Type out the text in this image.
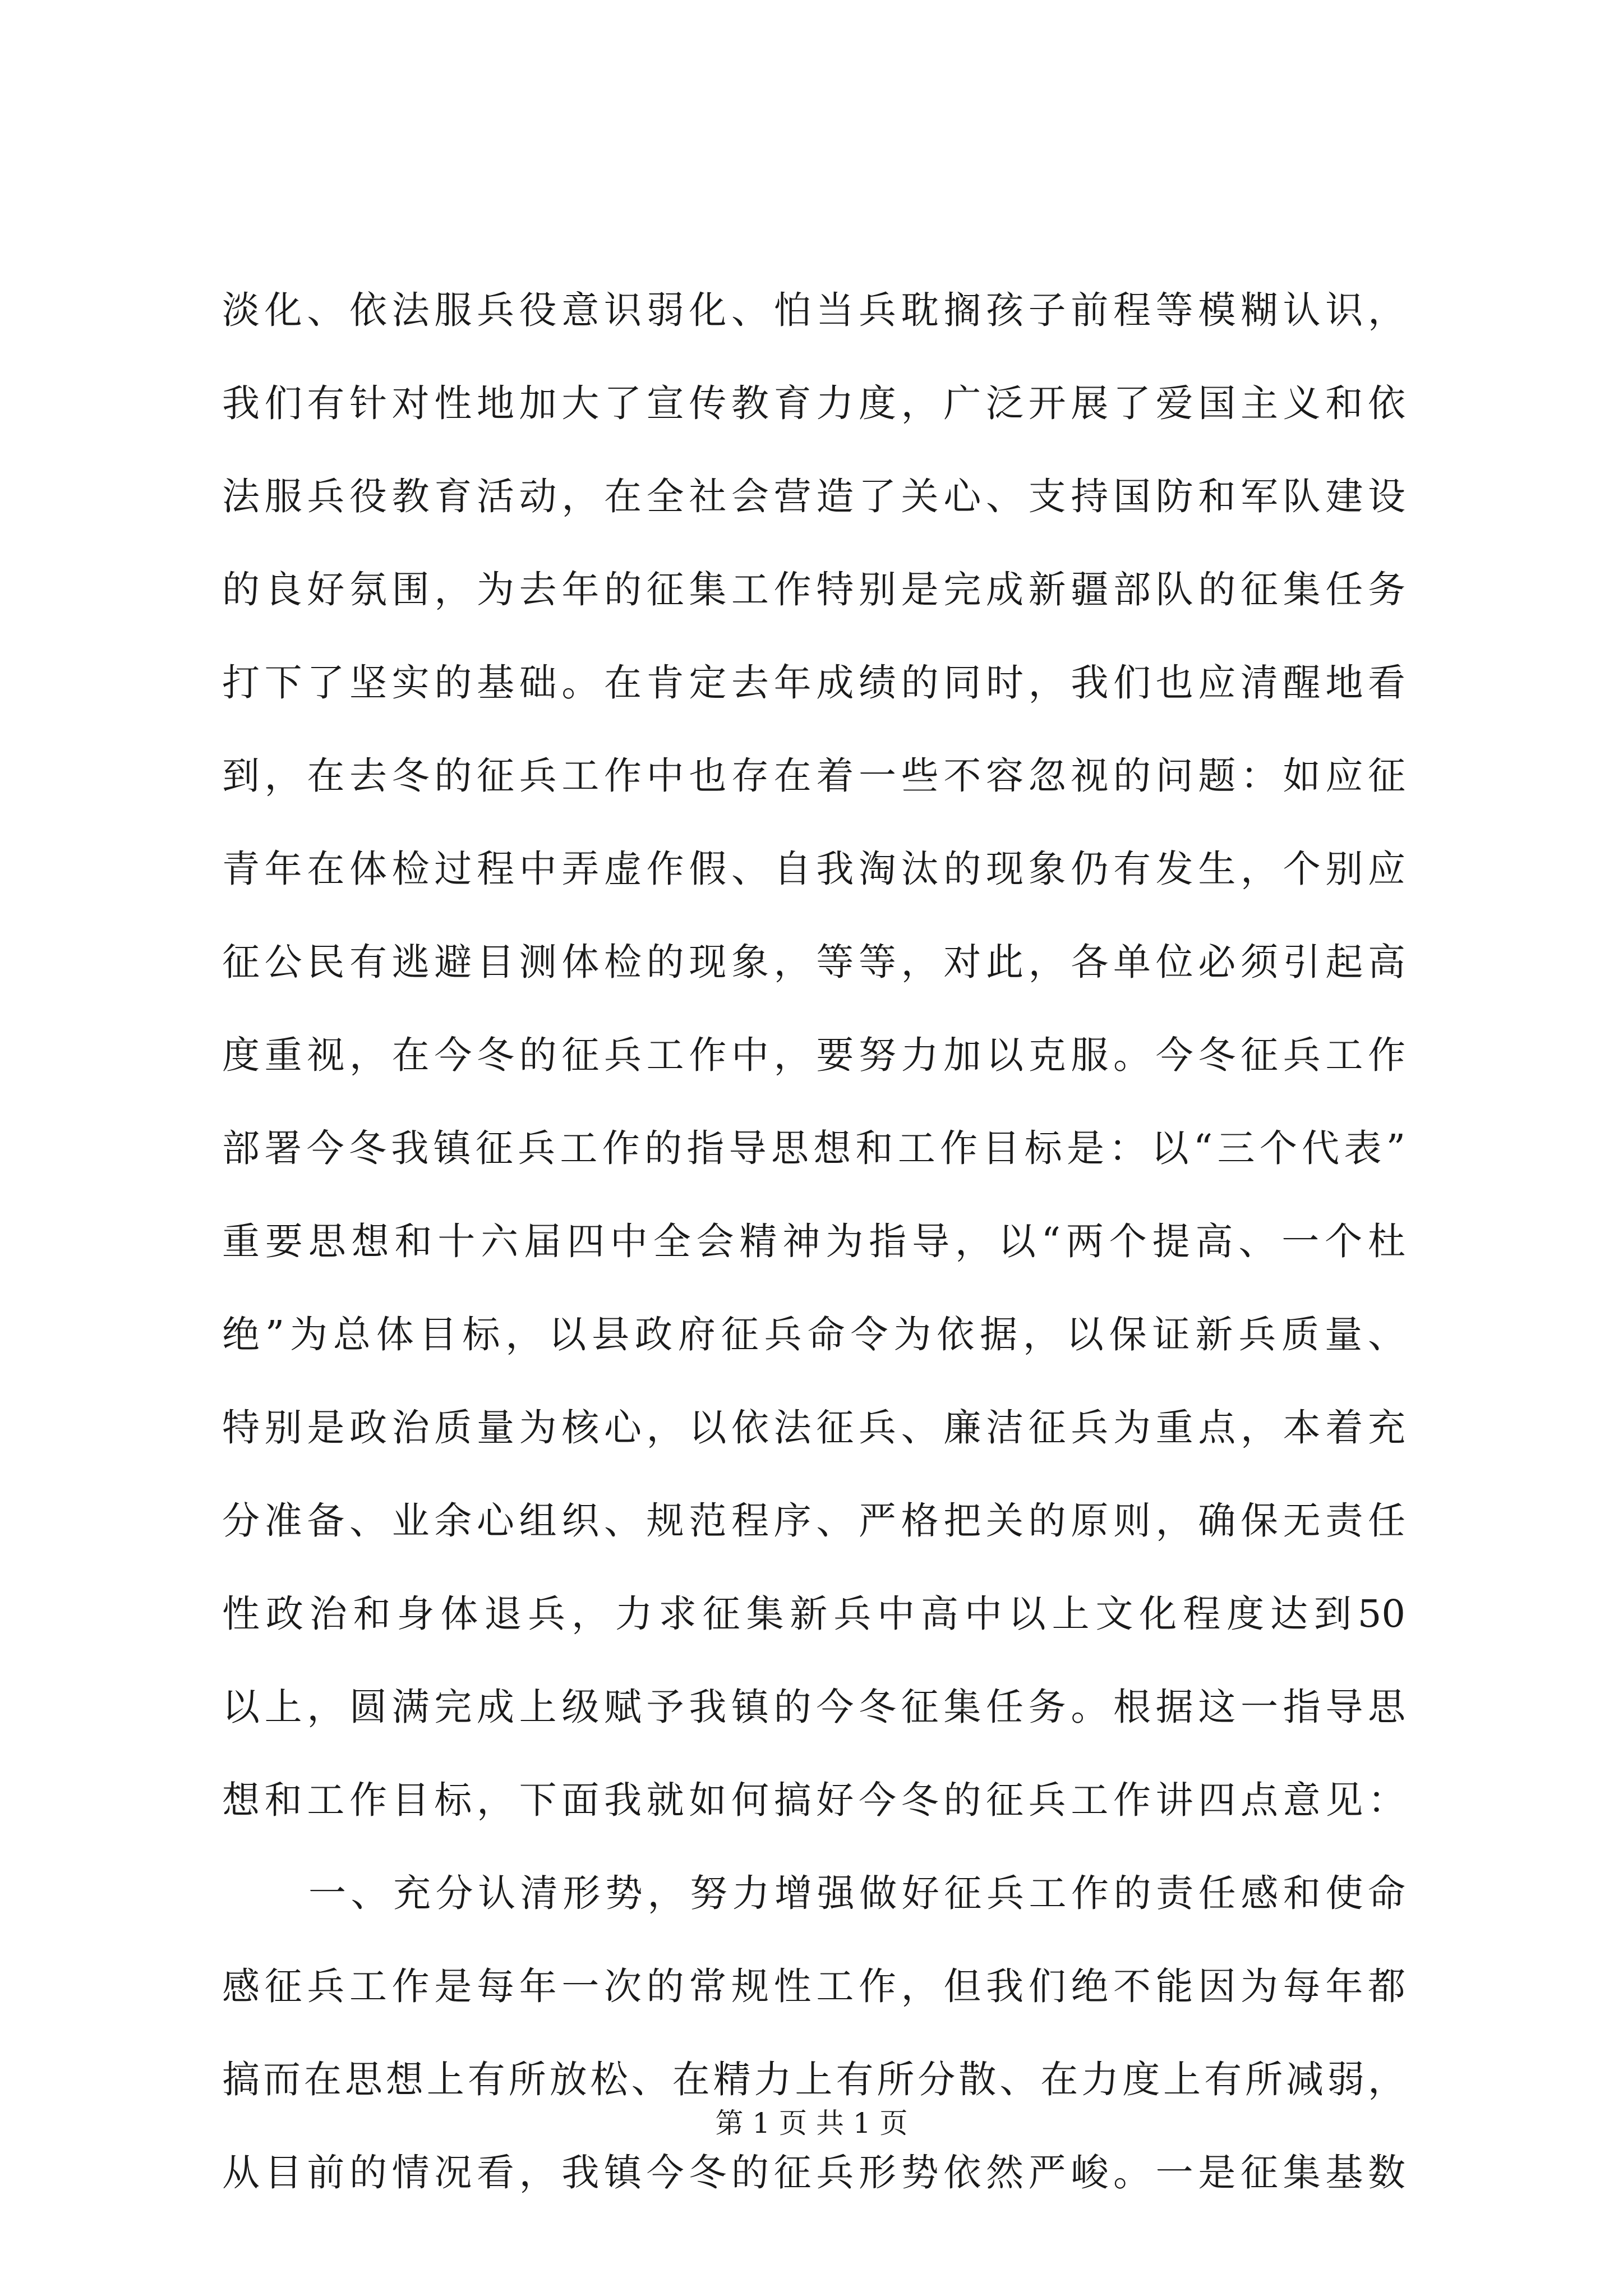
淡化、依法服兵役意识弱化、怕当兵耽搁孩子前程等模糊认识，
我们有针对性地加大了宣传教育力度，广泛开展了爱国主义和依
法服兵役教育活动，在全社会营造了关心、支持国防和军队建设
的良好氛围，为去年的征集工作特别是完成新疆部队的征集任务
打下了坚实的基础。在肯定去年成绩的同时，我们也应清醒地看
到，在去冬的征兵工作中也存在着一些不容忽视的问题：如应征
青年在体检过程中弄虚作假、自我淘汰的现象仍有发生，个别应
征公民有逃避目测体检的现象，等等，对此，各单位必须引起高
度重视，在今冬的征兵工作中，要努力加以克服。今冬征兵工作
部署今冬我镇征兵工作的指导思想和工作目标是：以“三个代表”
重要思想和十六届四中全会精神为指导，以“两个提高、一个杜
绝”为总体目标，以县政府征兵命令为依据，以保证新兵质量、
特别是政治质量为核心，以依法征兵、廉洁征兵为重点，本着充
分准备、业余心组织、规范程序、严格把关的原则，确保无责任
性政治和身体退兵，力求征集新兵中高中以上文化程度达到50
以上，圆满完成上级赋予我镇的今冬征集任务。根据这一指导思
想和工作目标，下面我就如何搞好今冬的征兵工作讲四点意见：
一、充分认清形势，努力增强做好征兵工作的责任感和使命
感征兵工作是每年一次的常规性工作，但我们绝不能因为每年都
搞而在思想上有所放松、在精力上有所分散、在力度上有所减弱，
从目前的情况看，我镇今冬的征兵形势依然严峻。一是征集基数
第 1 页 共 1 页
